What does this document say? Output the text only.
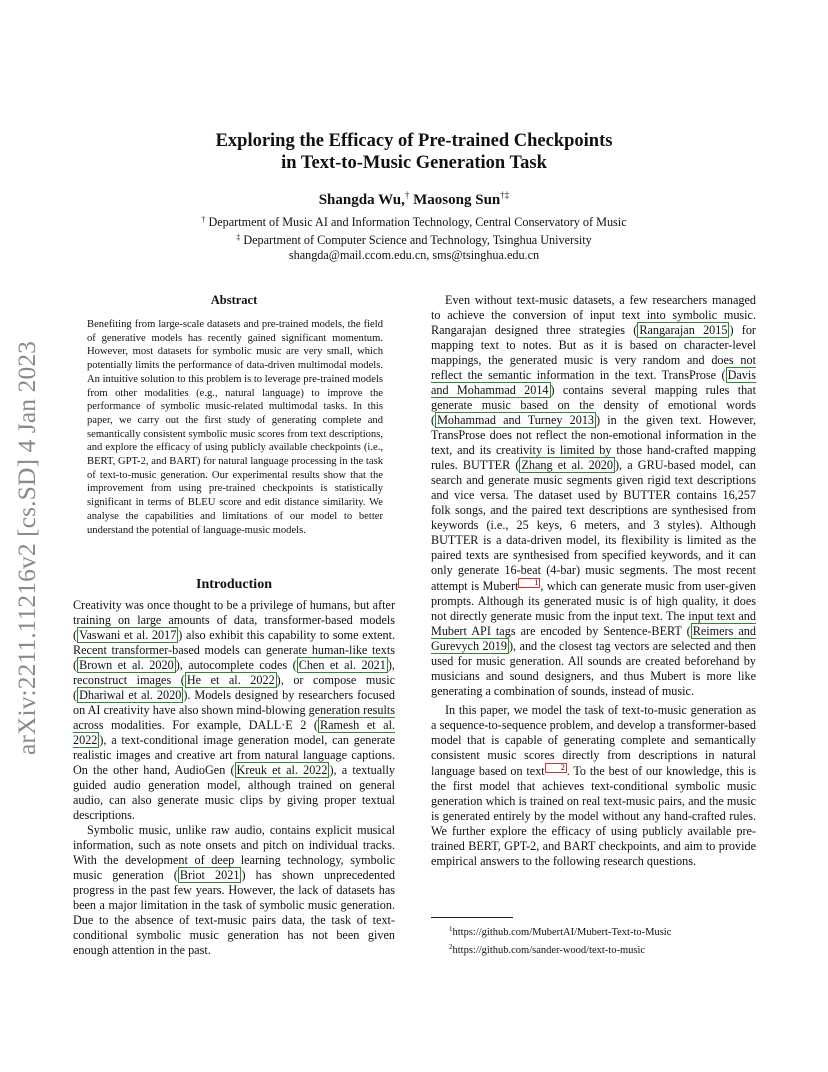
arXiv:2211.11216v2 [cs.SD] 4 Jan 2023
Exploring the Efficacy of Pre-trained Checkpoints
in Text-to-Music Generation Task
Shangda Wu,† Maosong Sun†‡
† Department of Music AI and Information Technology, Central Conservatory of Music
‡ Department of Computer Science and Technology, Tsinghua University
shangda@mail.ccom.edu.cn, sms@tsinghua.edu.cn
Abstract
Benefiting from large-scale datasets and pre-trained models, the field of generative models has recently gained significant momentum. However, most datasets for symbolic music are very small, which potentially limits the performance of data-driven multimodal models. An intuitive solution to this problem is to leverage pre-trained models from other modalities (e.g., natural language) to improve the performance of symbolic music-related multimodal tasks. In this paper, we carry out the first study of generating complete and semantically consistent symbolic music scores from text descriptions, and explore the efficacy of using publicly available checkpoints (i.e., BERT, GPT-2, and BART) for natural language processing in the task of text-to-music generation. Our experimental results show that the improvement from using pre-trained checkpoints is statistically significant in terms of BLEU score and edit distance similarity. We analyse the capabilities and limitations of our model to better understand the potential of language-music models.
Introduction

Creativity was once thought to be a privilege of humans, but after training on large amounts of data, transformer-based models ( Vaswani et al. 2017 ) also exhibit this capability to some extent. Recent transformer-based models can generate human-like texts ( Brown et al. 2020 ), autocomplete codes ( Chen et al. 2021 ), reconstruct images ( He et al. 2022 ), or compose music ( Dhariwal et al. 2020 ). Models designed by researchers focused on AI creativity have also shown mind-blowing generation results across modalities. For example, DALL·E 2 ( Ramesh et al. 2022 ), a text-conditional image generation model, can generate realistic images and creative art from natural language captions. On the other hand, AudioGen ( Kreuk et al. 2022 ), a textually guided audio generation model, although trained on general audio, can also generate music clips by giving proper textual descriptions.

Symbolic music, unlike raw audio, contains explicit musical information, such as note onsets and pitch on individual tracks. With the development of deep learning technology, symbolic music generation ( Briot 2021 ) has shown unprecedented progress in the past few years. However, the lack of datasets has been a major limitation in the task of symbolic music generation. Due to the absence of text-music pairs data, the task of text-conditional symbolic music generation has not been given enough attention in the past.

Even without text-music datasets, a few researchers managed to achieve the conversion of input text into symbolic music. Rangarajan designed three strategies ( Rangarajan 2015 ) for mapping text to notes. But as it is based on character-level mappings, the generated music is very random and does not reflect the semantic information in the text. TransProse ( Davis and Mohammad 2014 ) contains several mapping rules that generate music based on the density of emotional words ( Mohammad and Turney 2013 ) in the given text. However, TransProse does not reflect the non-emotional information in the text, and its creativity is limited by those hand-crafted mapping rules. BUTTER ( Zhang et al. 2020 ), a GRU-based model, can search and generate music segments given rigid text descriptions and vice versa. The dataset used by BUTTER contains 16,257 folk songs, and the paired text descriptions are synthesised from keywords (i.e., 25 keys, 6 meters, and 3 styles). Although BUTTER is a data-driven model, its flexibility is limited as the paired texts are synthesised from specified keywords, and it can only generate 16-beat (4-bar) music segments. The most recent attempt is Mubert 1 , which can generate music from user-given prompts. Although its generated music is of high quality, it does not directly generate music from the input text. The input text and Mubert API tags are encoded by Sentence-BERT ( Reimers and Gurevych 2019 ), and the closest tag vectors are selected and then used for music generation. All sounds are created beforehand by musicians and sound designers, and thus Mubert is more like generating a combination of sounds, instead of music.

In this paper, we model the task of text-to-music generation as a sequence-to-sequence problem, and develop a transformer-based model that is capable of generating complete and semantically consistent music scores directly from descriptions in natural language based on text 2 . To the best of our knowledge, this is the first model that achieves text-conditional symbolic music generation which is trained on real text-music pairs, and the music is generated entirely by the model without any hand-crafted rules. We further explore the efficacy of using publicly available pre-trained BERT, GPT-2, and BART checkpoints, and aim to provide empirical answers to the following research questions.

$^1$https://github.com/MubertAI/Mubert-Text-to-Music
$^2$https://github.com/sander-wood/text-to-music
